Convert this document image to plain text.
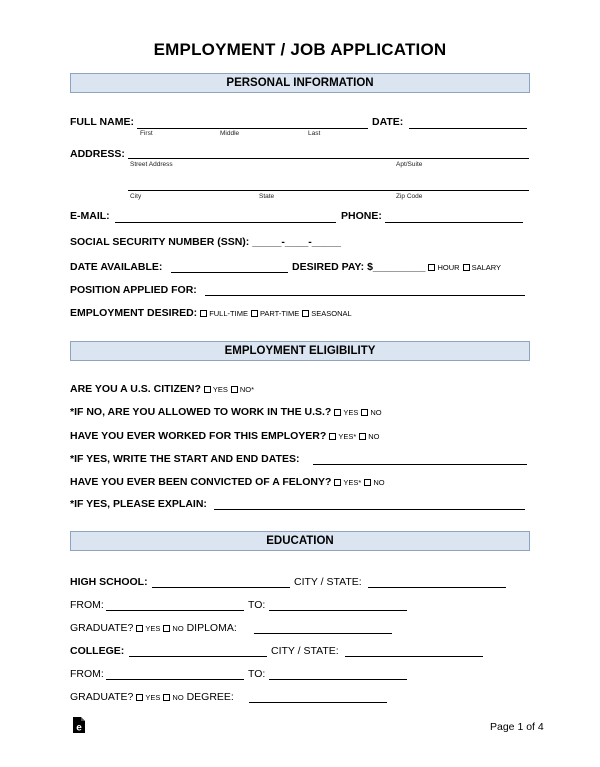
EMPLOYMENT / JOB APPLICATION
PERSONAL INFORMATION
FULL NAME:
First	Middle	Last
DATE:
ADDRESS:
Street Address	Apt/Suite
City	State	Zip Code
E-MAIL:	PHONE:
SOCIAL SECURITY NUMBER (SSN): _____-____-_____
DATE AVAILABLE:	DESIRED PAY: $_________ HOUR SALARY
POSITION APPLIED FOR:
EMPLOYMENT DESIRED: FULL-TIME PART-TIME SEASONAL
EMPLOYMENT ELIGIBILITY
ARE YOU A U.S. CITIZEN? YES NO*
*IF NO, ARE YOU ALLOWED TO WORK IN THE U.S.? YES NO
HAVE YOU EVER WORKED FOR THIS EMPLOYER? YES* NO
*IF YES, WRITE THE START AND END DATES:
HAVE YOU EVER BEEN CONVICTED OF A FELONY? YES* NO
*IF YES, PLEASE EXPLAIN:
EDUCATION
HIGH SCHOOL:	CITY / STATE:
FROM:	TO:
GRADUATE? YES NO DIPLOMA:
COLLEGE:	CITY / STATE:
FROM:	TO:
GRADUATE? YES NO DEGREE:
e	Page 1 of 4
